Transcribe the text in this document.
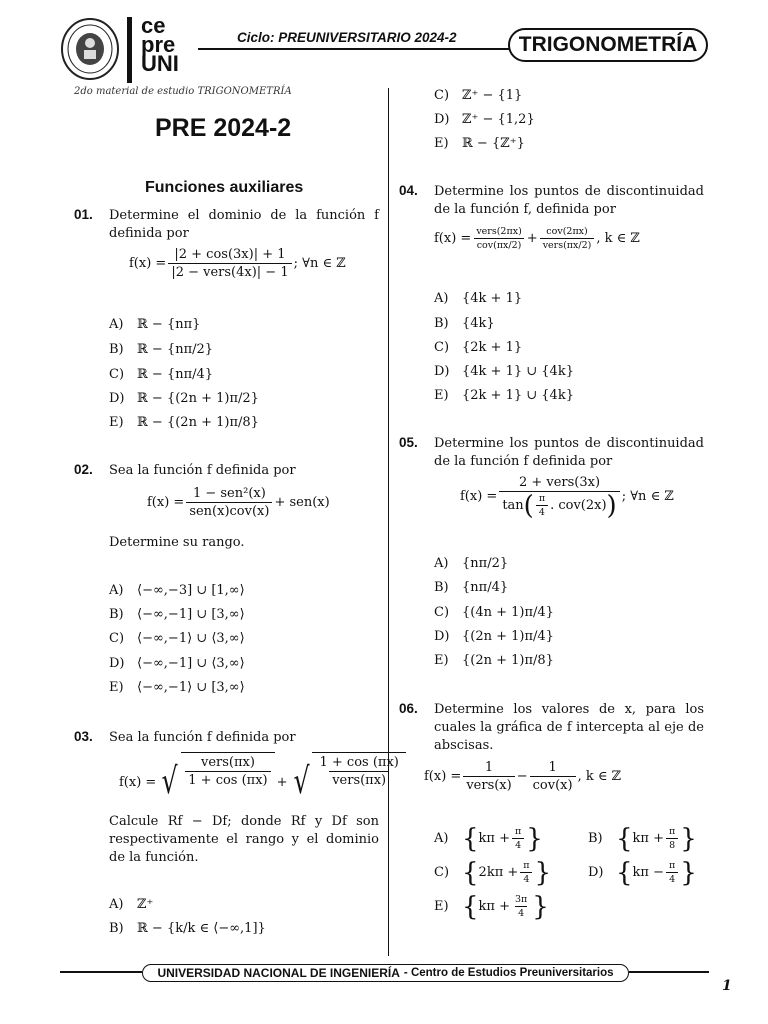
ce
pre
UNI
Ciclo: PREUNIVERSITARIO 2024-2	TRIGONOMETRÍA
2do material de estudio TRIGONOMETRÍA
PRE 2024-2
Funciones auxiliares
01. Determine el dominio de la función f definida por
$f(x) = \frac{|2 + \cos(3x)| + 1}{\text{|2 − vers(4x)| − 1}}$ ; ∀n ∈ ℤ
A) ℝ − {nπ}
B) ℝ − {nπ/2}
C) ℝ − {nπ/4}
D) ℝ − {(2n + 1)π/2}
E) ℝ − {(2n + 1)π/8}
02. Sea la función f definida por
$f(x) = \frac{\text{1 − sen²(x)}}{\text{sen(x)cov(x)}} + sen(x)$
Determine su rango.
A) ⟨−∞,−3] ∪ [1,∞⟩
B) ⟨−∞,−1] ∪ [3,∞⟩
C) ⟨−∞,−1⟩ ∪ ⟨3,∞⟩
D) ⟨−∞,−1] ∪ ⟨3,∞⟩
E) ⟨−∞,−1⟩ ∪ [3,∞⟩
03. Sea la función f definida por
f(x) = √ $\frac{\text{vers(πx)}}{1 + \cos (\pi x)}$ + √ $\frac{1 + \cos (\pi x)}{\text{vers(πx)}}$
Calcule Rf − Df; donde Rf y Df son respectivamente el rango y el dominio de la función.
A) ℤ⁺
B) ℝ − {k/k ∈ ⟨−∞,1]}
C) ℤ⁺ − {1}
D) ℤ⁺ − {1,2}
E) ℝ − {ℤ⁺}
04. Determine los puntos de discontinuidad de la función f, definida por
$f(x) = \frac{\text{vers(2πx)}}{\text{cov(πx/2)}} + \frac{\text{cov(2πx)}}{\text{vers(πx/2)}}$ , k ∈ ℤ
A) {4k + 1}
B) {4k}
C) {2k + 1}
D) {4k + 1} ∪ {4k}
E) {2k + 1} ∪ {4k}
05. Determine los puntos de discontinuidad de la función f definida por
f(x) =
2 + vers(3x)
tan ( $\frac{\pi}{4}$ . cov(2x) ) ; ∀n ∈ ℤ
A) {nπ/2}
B) {nπ/4}
C) {(4n + 1)π/4}
D) {(2n + 1)π/4}
E) {(2n + 1)π/8}
06. Determine los valores de x, para los cuales la gráfica de f intercepta al eje de abscisas.
$f(x) = \frac{1}{\text{vers(x)}} - \frac{1}{\text{cov(x)}}$ , k ∈ ℤ
A) { $k\pi + \frac{\pi}{4}$ }	B) { $k\pi + \frac{\pi}{8}$ }
C) { $2k\pi + \frac{\pi}{4}$ }	D) { $k\pi - \frac{\pi}{4}$ }
E) { $k\pi + \frac{3\pi}{4}$ }
UNIVERSIDAD NACIONAL DE INGENIERÍA - Centro de Estudios Preuniversitarios
1
